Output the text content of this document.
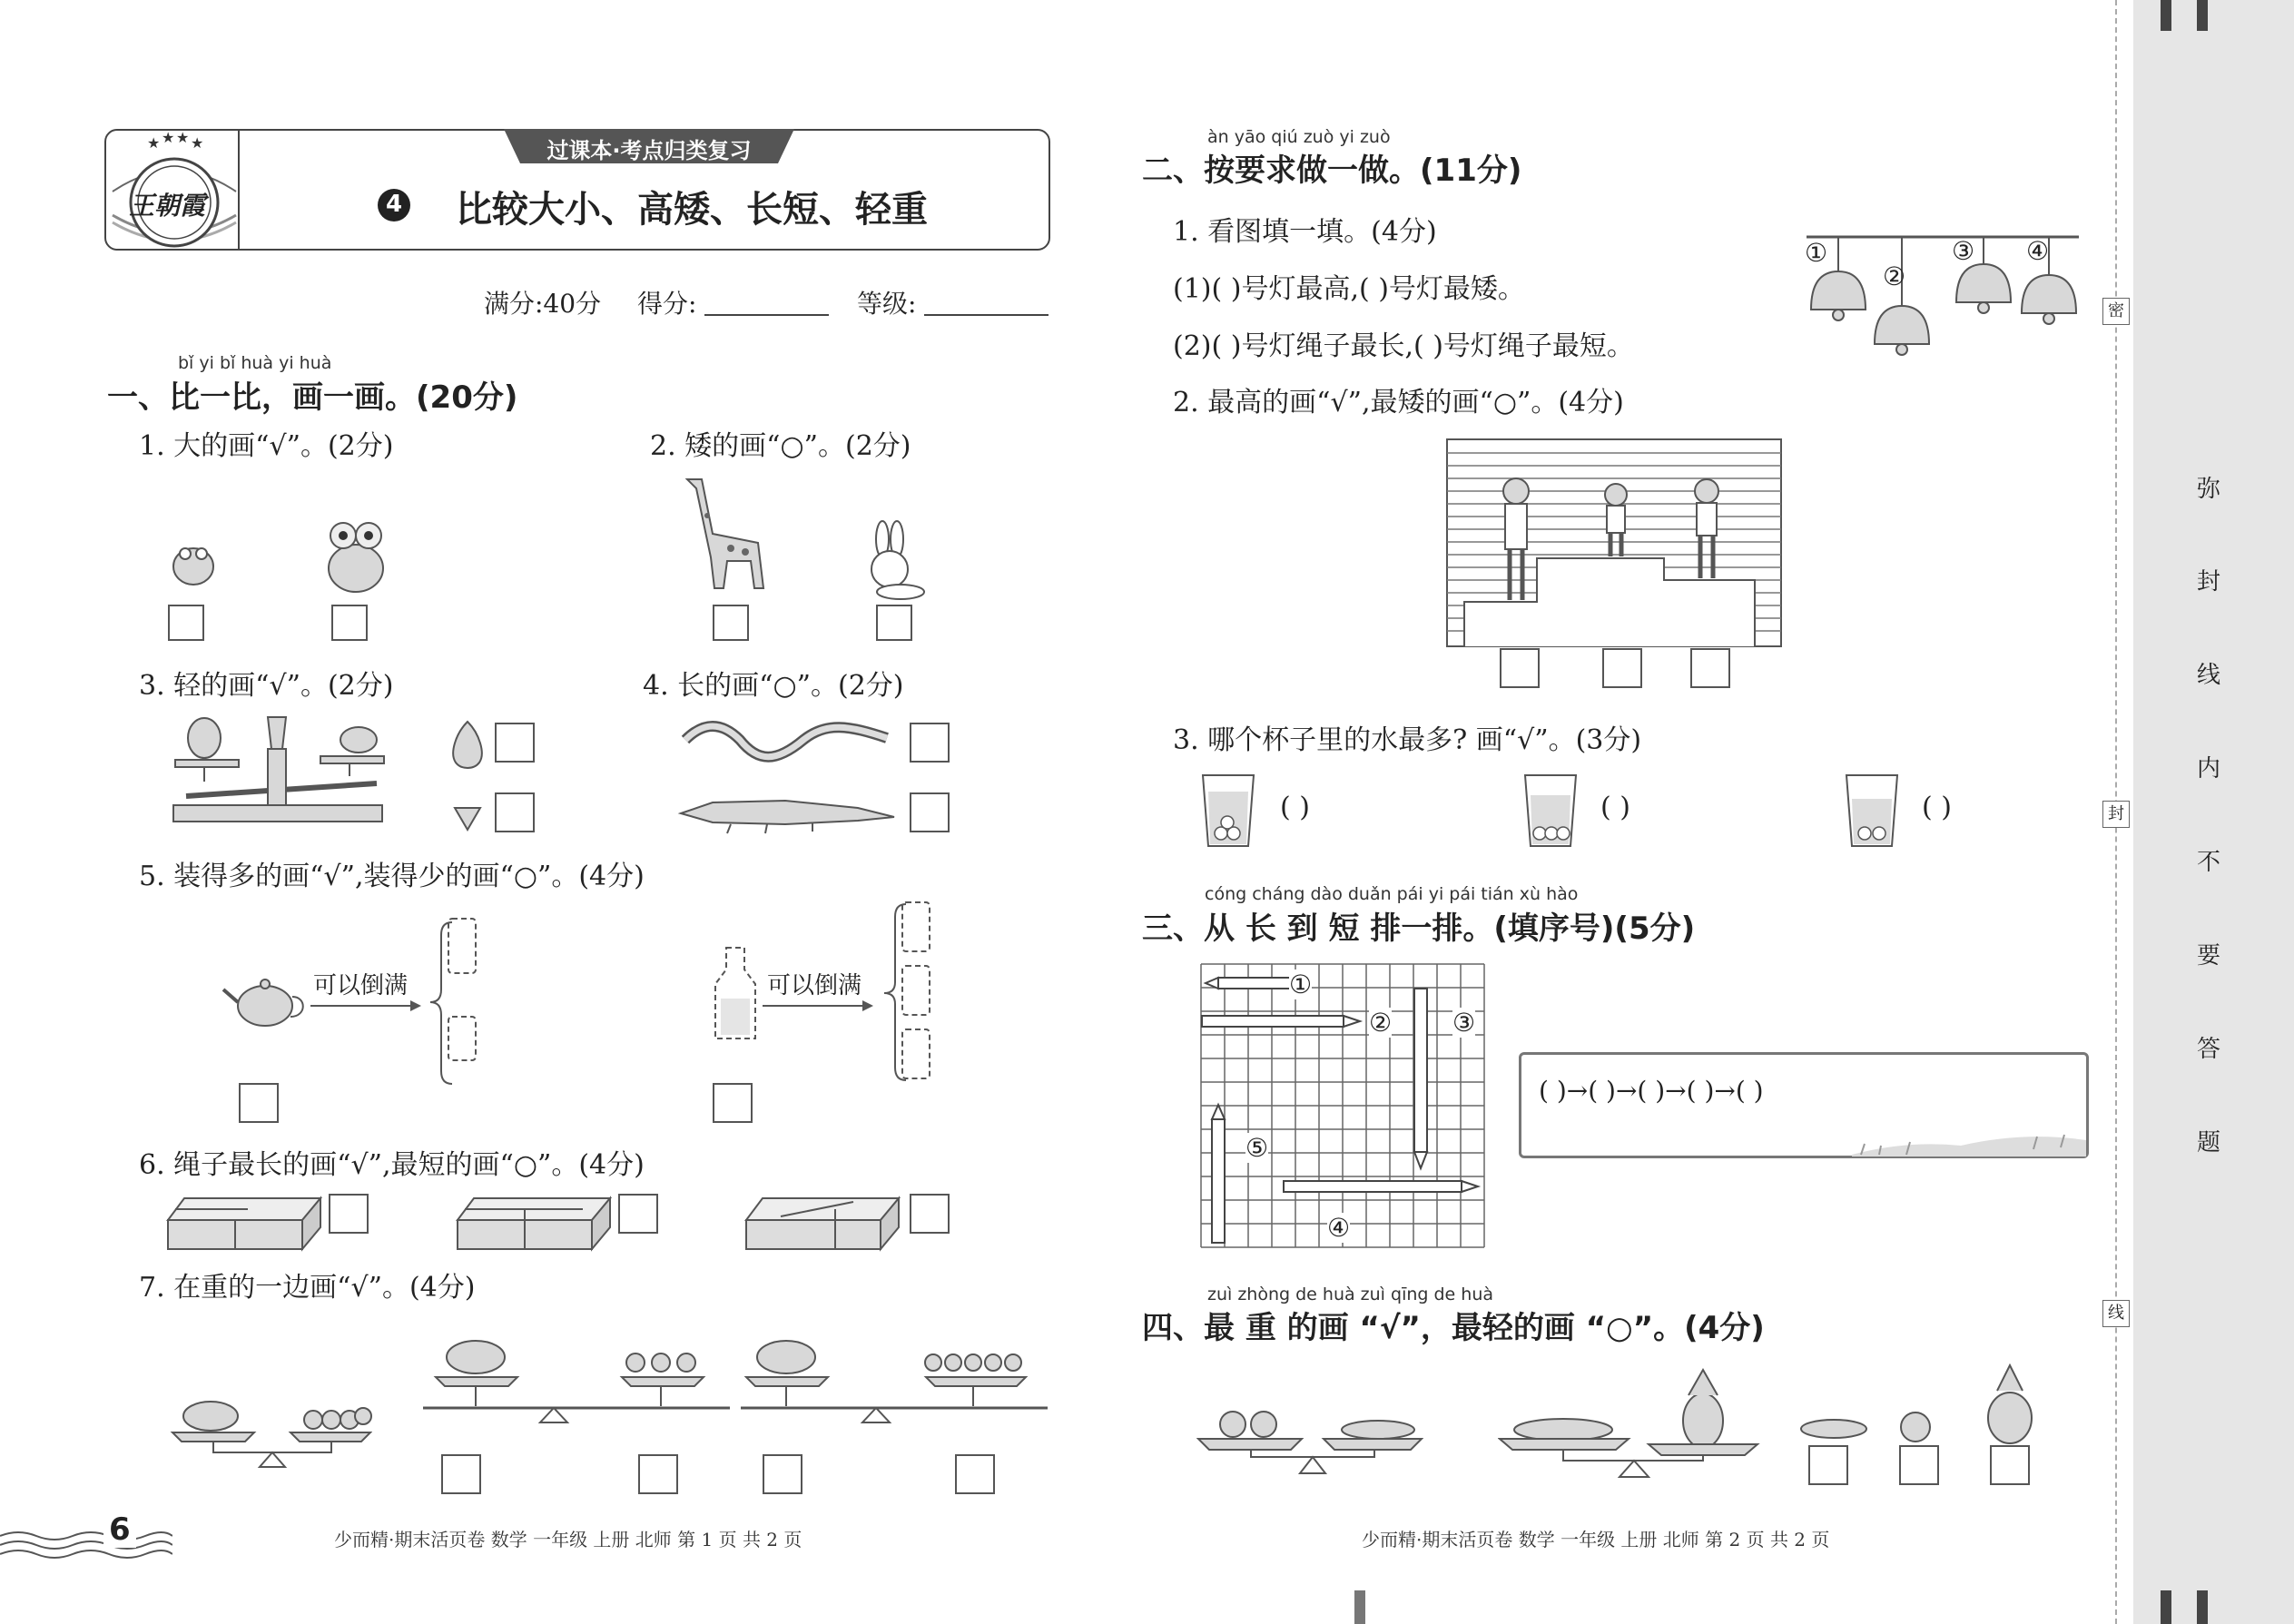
★ ★ ★ ★
王朝霞
过课本·考点归类复习
4 比较大小、高矮、长短、轻重
满分:40分 得分:	等级:
bǐ yi bǐ huà yi huà
一、比一比，画一画。(20分)
1. 大的画“√”。(2分)	2. 矮的画“○”。(2分)
3. 轻的画“√”。(2分)	4. 长的画“○”。(2分)
5. 装得多的画“√”,装得少的画“○”。(4分)
可以倒满	可以倒满
6. 绳子最长的画“√”,最短的画“○”。(4分)
7. 在重的一边画“√”。(4分)
6	少而精·期末活页卷 数学 一年级 上册 北师 第 1 页 共 2 页
àn yāo qiú zuò yi zuò
二、按要求做一做。(11分)
1. 看图填一填。(4分)
(1)( )号灯最高,( )号灯最矮。
(2)( )号灯绳子最长,( )号灯绳子最短。
①
②
③ ④
2. 最高的画“√”,最矮的画“○”。(4分)
3. 哪个杯子里的水最多? 画“√”。(3分)
( )	( )	( )
cóng cháng dào duǎn pái yi pái tián xù hào
三、从 长 到 短 排一排。(填序号)(5分)
①
② ③
④
⑤
( )→( )→( )→( )→( )
zuì zhòng de huà zuì qīng de huà
四、最 重 的画 “√”，最轻的画 “○”。(4分)
少而精·期末活页卷 数学 一年级 上册 北师 第 2 页 共 2 页
密
封
线
弥
封
线
内
不
要
答
题
